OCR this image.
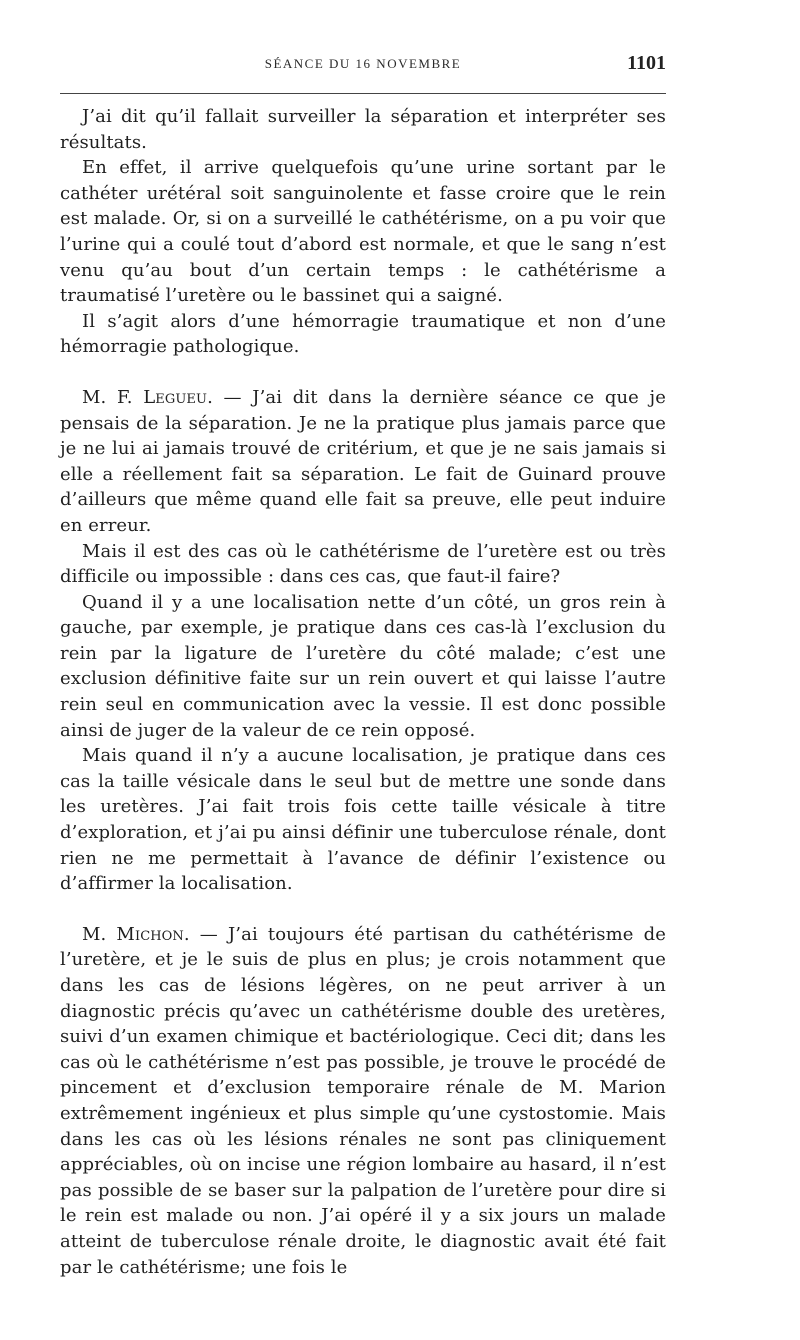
SÉANCE DU 16 NOVEMBRE	1101

J’ai dit qu’il fallait surveiller la séparation et interpréter ses résultats.

En effet, il arrive quelquefois qu’une urine sortant par le cathéter urétéral soit sanguinolente et fasse croire que le rein est malade. Or, si on a surveillé le cathétérisme, on a pu voir que l’urine qui a coulé tout d’abord est normale, et que le sang n’est venu qu’au bout d’un certain temps : le cathétérisme a traumatisé l’uretère ou le bassinet qui a saigné.

Il s’agit alors d’une hémorragie traumatique et non d’une hémorragie pathologique.

M. F. Legueu. — J’ai dit dans la dernière séance ce que je pensais de la séparation. Je ne la pratique plus jamais parce que je ne lui ai jamais trouvé de critérium, et que je ne sais jamais si elle a réellement fait sa séparation. Le fait de Guinard prouve d’ailleurs que même quand elle fait sa preuve, elle peut induire en erreur.

Mais il est des cas où le cathétérisme de l’uretère est ou très difficile ou impossible : dans ces cas, que faut-il faire?

Quand il y a une localisation nette d’un côté, un gros rein à gauche, par exemple, je pratique dans ces cas-là l’exclusion du rein par la ligature de l’uretère du côté malade; c’est une exclusion définitive faite sur un rein ouvert et qui laisse l’autre rein seul en communication avec la vessie. Il est donc possible ainsi de juger de la valeur de ce rein opposé.

Mais quand il n’y a aucune localisation, je pratique dans ces cas la taille vésicale dans le seul but de mettre une sonde dans les uretères. J’ai fait trois fois cette taille vésicale à titre d’exploration, et j’ai pu ainsi définir une tuberculose rénale, dont rien ne me permettait à l’avance de définir l’existence ou d’affirmer la localisation.

M. Michon. — J’ai toujours été partisan du cathétérisme de l’uretère, et je le suis de plus en plus; je crois notamment que dans les cas de lésions légères, on ne peut arriver à un diagnostic précis qu’avec un cathétérisme double des uretères, suivi d’un examen chimique et bactériologique. Ceci dit; dans les cas où le cathétérisme n’est pas possible, je trouve le procédé de pincement et d’exclusion temporaire rénale de M. Marion extrêmement ingénieux et plus simple qu’une cystostomie. Mais dans les cas où les lésions rénales ne sont pas cliniquement appréciables, où on incise une région lombaire au hasard, il n’est pas possible de se baser sur la palpation de l’uretère pour dire si le rein est malade ou non. J’ai opéré il y a six jours un malade atteint de tuberculose rénale droite, le diagnostic avait été fait par le cathétérisme; une fois le
